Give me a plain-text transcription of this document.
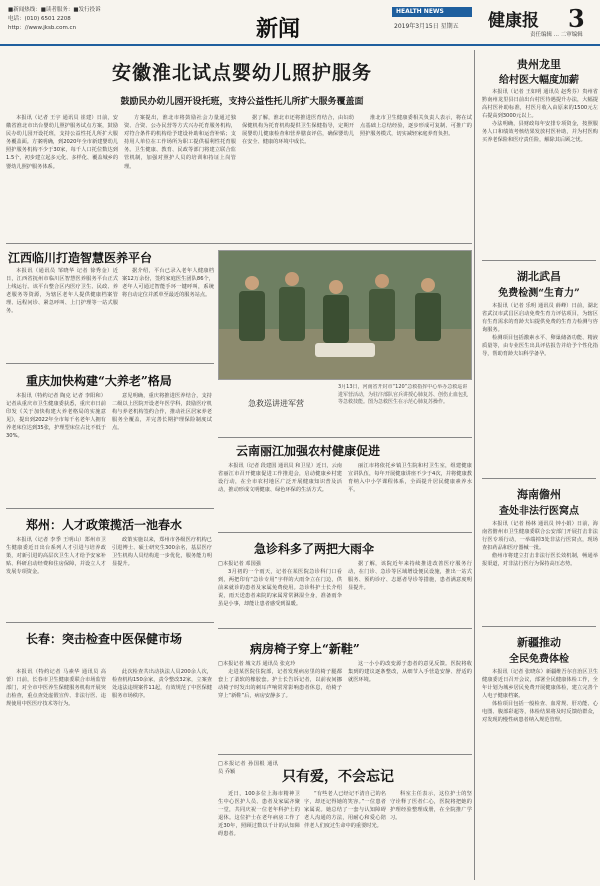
■新闻热线：■读者服务：■发行投诉
电话：(010) 6501 2208
http：//www.jksb.com.cn	新闻
HEALTH NEWS
2019年3月15日 星期五 健康报 3
责任编辑 ... 二审编辑
安徽淮北试点婴幼儿照护服务
鼓励民办幼儿园开设托班，支持公益性托儿所扩大服务覆盖面

本报讯（记者 王宇 通讯员 崔建）日前，安徽省淮北市出台婴幼儿照护服务试点方案，鼓励民办幼儿园开设托班，支持公益性托儿所扩大服务覆盖面。方案明确，到2020年全市新建婴幼儿照护服务机构不少于30家，每千人口托位数达到1.5个，初步建立起多元化、多样化、覆盖城乡的婴幼儿照护服务体系。

方案提出，淮北市将鼓励社会力量通过独资、合资、公办民营等方式兴办托育服务机构，对符合条件的机构给予建设补助和运营补贴；支持用人单位在工作场所为职工提供福利性托育服务。卫生健康、教育、民政等部门将建立联合监管机制，加强对照护人员的培训和持证上岗管理。

据了解，淮北市还将推进医育结合，由妇幼保健机构为托育机构提供卫生保健指导，定期开展婴幼儿健康检查和营养膳食评估，确保婴幼儿在安全、健康的环境中成长。

淮北市卫生健康委相关负责人表示，将在试点基础上总结经验，逐步形成可复制、可推广的照护服务模式，切实减轻家庭养育负担。

江西临川打造智慧医养平台

本报讯（通讯员 邹晓华 记者 徐秀金）近日，江西省抚州市临川区智慧医养服务平台正式上线运行。该平台整合区内医疗卫生、民政、养老服务等资源，为辖区老年人提供健康档案管理、远程问诊、紧急呼叫、上门护理等一站式服务。

据介绍，平台已录入老年人健康档案12万余份，签约家庭医生团队86个，老年人可通过智能手环一键呼叫，系统将自动定位并派单至最近的服务站点。

3月13日，河南省开封市“120”急救指挥中心举办急救巡讲进军营活动，为驻汴部队官兵讲授心肺复苏、创伤止血包扎等急救技能。图为急救医生在示范心肺复苏操作。
急救巡讲进军营
重庆加快构建“大养老”格局

本报讯（特约记者 陶克 记者 李阳和）记者从重庆市卫生健康委获悉，重庆市日前印发《关于加快构建大养老格局的实施意见》，提出到2022年全市每千名老年人拥有养老床位达到35张，护理型床位占比不低于30%。

意见明确，重庆将推进医养结合，支持二级以上医院开设老年医学科，鼓励医疗机构与养老机构签约合作，推动社区居家养老服务全覆盖，并完善长期护理保险制度试点。

云南丽江加强农村健康促进

本报讯（记者 段建国 通讯员 和卫星）近日，云南省丽江市召开健康促进工作推进会，启动健康乡村建设行动，在全市农村地区广泛开展健康知识普及活动，推动形成文明健康、绿色环保的生活方式。

丽江市将依托乡镇卫生院和村卫生室，组建健康宣讲队伍，每年开展健康讲座不少于4次，并将健康教育纳入中小学课程体系，全面提升居民健康素养水平。

郑州：人才政策揽活一池春水

本报讯（记者 李季 王明山）郑州市卫生健康委近日出台系列人才引进与培养政策，对新引进的高层次卫生人才给予安家补贴、科研启动经费和住房保障，并设立人才发展专项资金。

政策实施以来，郑州市各级医疗机构已引进博士、硕士研究生300余名，基层医疗卫生机构人员结构进一步优化，服务能力明显提升。

急诊科多了两把大雨伞
□本报记者 邓国强

3月初的一个雨天，记者在某医院急诊科门口看到，两把印有“急诊专用”字样的大雨伞立在门边，供前来就诊的患者及家属免费使用。急诊科护士长介绍说，雨天送患者来院的家属常常淋湿全身，准备雨伞虽是小事，却能让患者感受到温暖。

据了解，该院近年来持续推进改善医疗服务行动，在门诊、急诊等区域增设便民设施，推出一站式服务、预约诊疗、志愿者导诊等措施，患者满意度明显提升。

长春：突击检查中医保健市场

本报讯（特约记者 马素华 通讯员 高蕾）日前，长春市卫生健康委联合市场监管部门，对全市中医养生保健服务机构开展突击检查，重点查处虚假宣传、非法行医、违规使用中医医疗技术等行为。

此次检查共出动执法人员200余人次，检查机构150余家，责令整改32家，立案查处违法违规案件11起，有效规范了中医保健服务市场秩序。

病房椅子穿上“新鞋”
□本报记者 城文苏 通讯员 张克玲

走进某医院住院部，记者发现病房里的椅子腿都套上了柔软的橡胶套。护士长告诉记者，以前夜间挪动椅子时发出的刺耳声响常常影响患者休息，给椅子穿上“新鞋”后，病房安静多了。

这一小小的改变源于患者的意见反馈。医院将收集到的建议逐条整改，从细节入手营造安静、舒适的就医环境。

□本报记者 孙国根 通讯员 乔颖	只有爱，不会忘记

近日，100多位上海市精神卫生中心医护人员、患者及家属齐聚一堂，共同庆祝一位老年科护士的退休。这位护士在老年病房工作了近30年，照顾过数以千计的认知障碍患者。

“有些老人已经记不清自己的名字，却还记得她的笑容。”一位患者家属说。她总结了一套与认知障碍老人沟通的方法，用耐心和爱心陪伴老人们度过生命中的重要时光。

科室主任表示，这位护士的坚守诠释了医者仁心，医院将把她的护理经验整理成册，在全院推广学习。

贵州龙里
给村医大幅度加薪

本报讯（记者 王如明 通讯员 赵秀芬）贵州省黔南州龙里县日前出台村医待遇提升办法，大幅提高村医补助标准，村医月收入由原来的1500元左右提高到3000元以上。

办法明确，县财政每年安排专项资金，按照服务人口和绩效考核结果发放村医补助，并为村医购买养老保险和医疗责任险，解除其后顾之忧。

湖北武昌
免费检测“生育力”

本报讯（记者 乐明 通讯员 薛峰）日前，湖北省武汉市武昌区启动免费生育力评估项目，为辖区有生育需求的育龄夫妇提供免费的生育力检测与咨询服务。

检测项目包括激素水平、卵巢储备功能、精液质量等，由专业医生出具评估报告并给予个性化指导，帮助育龄夫妇科学备孕。

海南儋州
查处非法行医窝点

本报讯（记者 杨林 通讯员 钟小娟）日前，海南省儋州市卫生健康委联合公安部门开展打击非法行医专项行动，一举端掉3处非法行医窝点，现场查扣药品和医疗器械一批。

儋州市将建立打击非法行医长效机制，畅通举报渠道，对非法行医行为保持高压态势。

新疆推动
全民免费体检

本报讯（记者 张晓东）新疆维吾尔自治区卫生健康委近日召开会议，部署全民健康体检工作，全年计划为城乡居民免费开展健康体检，建立完善个人电子健康档案。

体检项目包括一般检查、血常规、肝功能、心电图、腹部彩超等，体检结果将及时反馈给群众，对发现的慢性病患者纳入规范管理。
